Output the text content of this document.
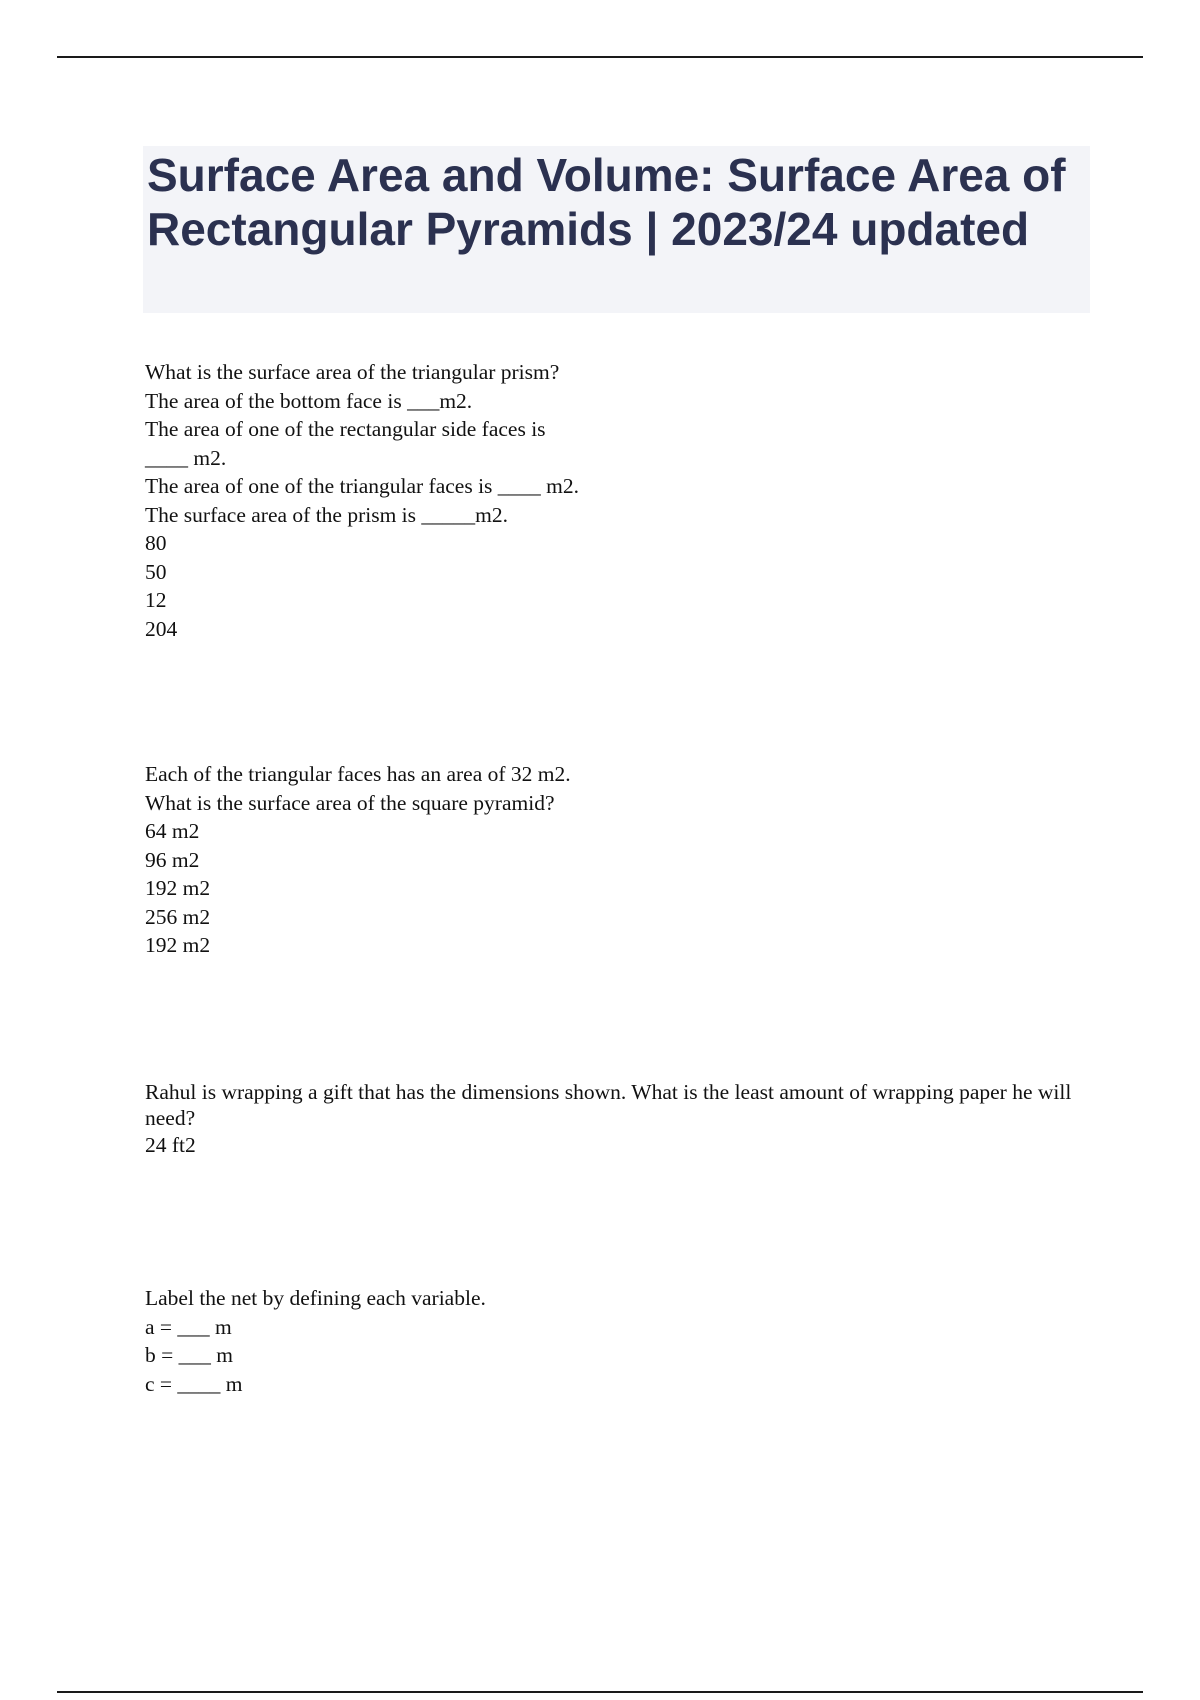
Surface Area and Volume: Surface Area of Rectangular Pyramids | 2023/24 updated
What is the surface area of the triangular prism?
The area of the bottom face is ___m2.
The area of one of the rectangular side faces is
____ m2.
The area of one of the triangular faces is ____ m2.
The surface area of the prism is _____m2.
80
50
12
204
Each of the triangular faces has an area of 32 m2.
What is the surface area of the square pyramid?
64 m2
96 m2
192 m2
256 m2
192 m2
Rahul is wrapping a gift that has the dimensions shown. What is the least amount of wrapping paper he will need?
24 ft2
Label the net by defining each variable.
a = ___ m
b = ___ m
c = ____ m
